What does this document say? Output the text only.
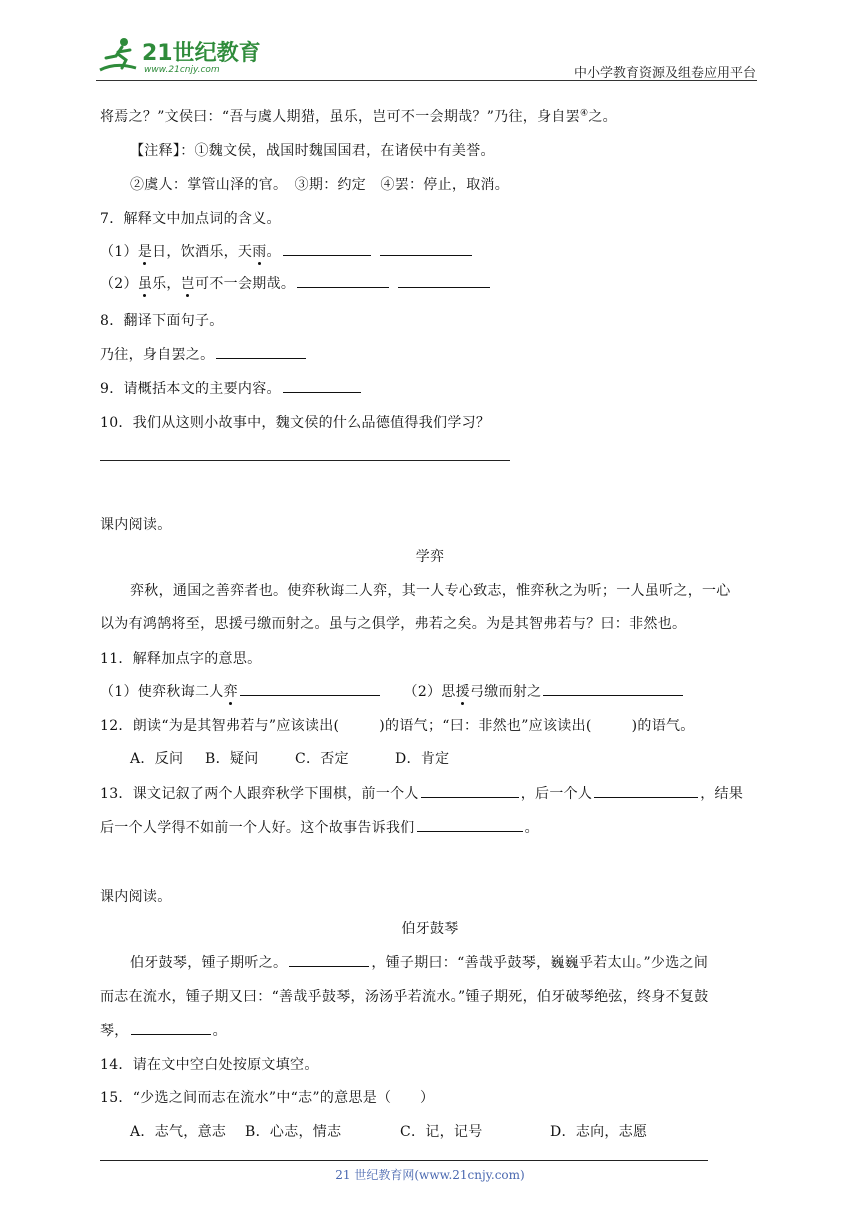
21世纪教育
www.21cnjy.com	中小学教育资源及组卷应用平台
将焉之？”文侯曰：“吾与虞人期猎，虽乐，岂可不一会期哉？”乃往，身自罢④之。
【注释】：①魏文侯，战国时魏国国君，在诸侯中有美誉。
②虞人：掌管山泽的官。　③期：约定　④罢：停止，取消。
7．解释文中加点词的含义。
（1）是日，饮酒乐，天雨。
（2）虽乐，岂可不一会期哉。
8．翻译下面句子。
乃往，身自罢之。
9．请概括本文的主要内容。
10．我们从这则小故事中，魏文侯的什么品德值得我们学习？
课内阅读。
学弈
弈秋，通国之善弈者也。使弈秋诲二人弈，其一人专心致志，惟弈秋之为听；一人虽听之，一心
以为有鸿鹄将至，思援弓缴而射之。虽与之俱学，弗若之矣。为是其智弗若与？曰：非然也。
11．解释加点字的意思。
（1）使弈秋诲二人弈　　	（2）思援弓缴而射之
12．朗读“为是其智弗若与”应该读出(	)的语气；“曰：非然也”应该读出(	)的语气。
A．反问 B．疑问	C．否定	D．肯定
13．课文记叙了两个人跟弈秋学下围棋，前一个人	，后一个人	，结果
后一个人学得不如前一个人好。这个故事告诉我们	。
课内阅读。
伯牙鼓琴
伯牙鼓琴，锺子期听之。	，锺子期曰：“善哉乎鼓琴，巍巍乎若太山。”少选之间
而志在流水，锺子期又曰：“善哉乎鼓琴，汤汤乎若流水。”锺子期死，伯牙破琴绝弦，终身不复鼓
琴，	。
14．请在文中空白处按原文填空。
15．“少选之间而志在流水”中“志”的意思是（　　）
A．志气，意志 B．心志，情志	C．记，记号	D．志向，志愿
21 世纪教育网(www.21cnjy.com)
